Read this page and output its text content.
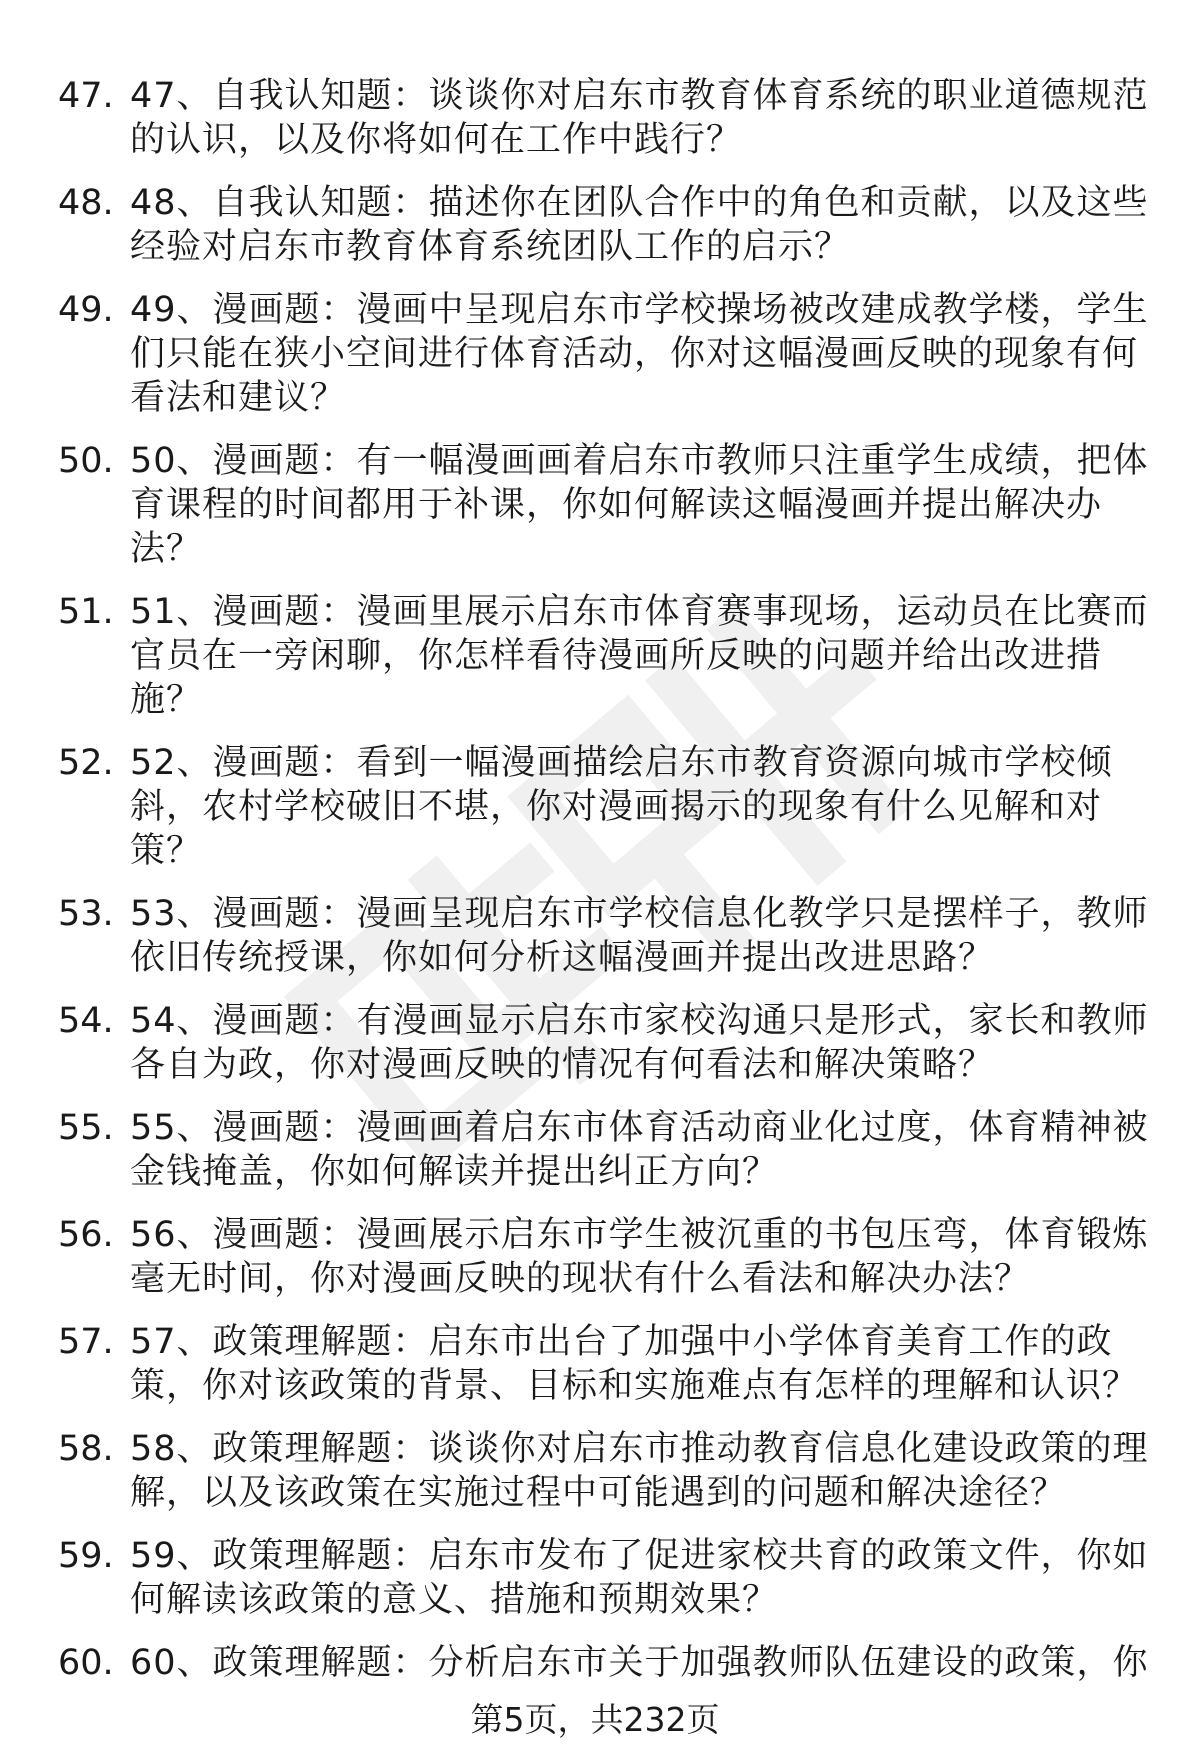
47. 47、自我认知题：谈谈你对启东市教育体育系统的职业道德规范的认识，以及你将如何在工作中践行？
48. 48、自我认知题：描述你在团队合作中的角色和贡献，以及这些经验对启东市教育体育系统团队工作的启示？
49. 49、漫画题：漫画中呈现启东市学校操场被改建成教学楼，学生们只能在狭小空间进行体育活动，你对这幅漫画反映的现象有何看法和建议？
50. 50、漫画题：有一幅漫画画着启东市教师只注重学生成绩，把体育课程的时间都用于补课，你如何解读这幅漫画并提出解决办法？
51. 51、漫画题：漫画里展示启东市体育赛事现场，运动员在比赛而官员在一旁闲聊，你怎样看待漫画所反映的问题并给出改进措施？
52. 52、漫画题：看到一幅漫画描绘启东市教育资源向城市学校倾斜，农村学校破旧不堪，你对漫画揭示的现象有什么见解和对策？
53. 53、漫画题：漫画呈现启东市学校信息化教学只是摆样子，教师依旧传统授课，你如何分析这幅漫画并提出改进思路？
54. 54、漫画题：有漫画显示启东市家校沟通只是形式，家长和教师各自为政，你对漫画反映的情况有何看法和解决策略？
55. 55、漫画题：漫画画着启东市体育活动商业化过度，体育精神被金钱掩盖，你如何解读并提出纠正方向？
56. 56、漫画题：漫画展示启东市学生被沉重的书包压弯，体育锻炼毫无时间，你对漫画反映的现状有什么看法和解决办法？
57. 57、政策理解题：启东市出台了加强中小学体育美育工作的政策，你对该政策的背景、目标和实施难点有怎样的理解和认识？
58. 58、政策理解题：谈谈你对启东市推动教育信息化建设政策的理解，以及该政策在实施过程中可能遇到的问题和解决途径？
59. 59、政策理解题：启东市发布了促进家校共育的政策文件，你如何解读该政策的意义、措施和预期效果？
60. 60、政策理解题：分析启东市关于加强教师队伍建设的政策，你
第5页，共232页
